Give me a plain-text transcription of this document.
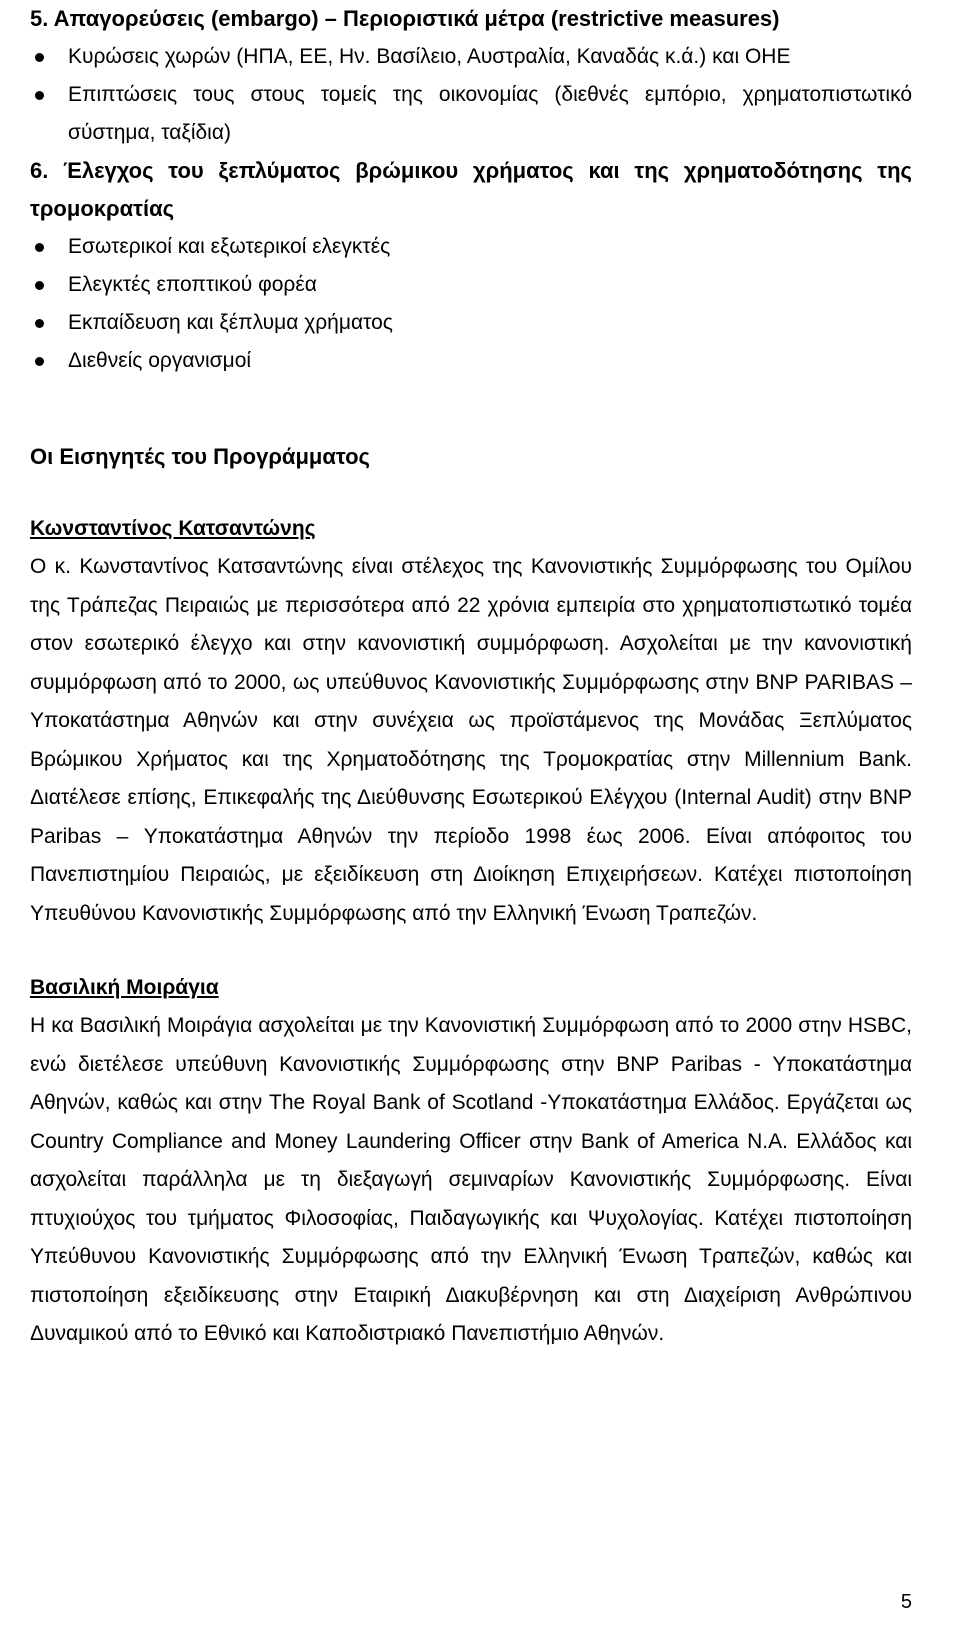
5. Απαγορεύσεις (embargo) – Περιοριστικά μέτρα (restrictive measures)
Κυρώσεις χωρών (ΗΠΑ, ΕΕ, Ην. Βασίλειο, Αυστραλία, Καναδάς κ.ά.) και ΟΗΕ
Επιπτώσεις τους στους τομείς της οικονομίας (διεθνές εμπόριο, χρηματοπιστωτικό σύστημα, ταξίδια)
6. Έλεγχος του ξεπλύματος βρώμικου χρήματος και της χρηματοδότησης της τρομοκρατίας
Εσωτερικοί και εξωτερικοί ελεγκτές
Ελεγκτές εποπτικού φορέα
Εκπαίδευση και ξέπλυμα χρήματος
Διεθνείς οργανισμοί
Οι Εισηγητές του Προγράμματος
Κωνσταντίνος Κατσαντώνης

Ο κ. Κωνσταντίνος Κατσαντώνης είναι στέλεχος της Κανονιστικής Συμμόρφωσης του Ομίλου της Τράπεζας Πειραιώς με περισσότερα από 22 χρόνια εμπειρία στο χρηματοπιστωτικό τομέα στον εσωτερικό έλεγχο και στην κανονιστική συμμόρφωση. Ασχολείται με την κανονιστική συμμόρφωση από το 2000, ως υπεύθυνος Κανονιστικής Συμμόρφωσης στην BNP PARIBAS – Υποκατάστημα Αθηνών και στην συνέχεια ως προϊστάμενος της Μονάδας Ξεπλύματος Βρώμικου Χρήματος και της Χρηματοδότησης της Τρομοκρατίας στην Millennium Bank. Διατέλεσε επίσης, Επικεφαλής της Διεύθυνσης Εσωτερικού Ελέγχου (Internal Audit) στην BNP Paribas – Υποκατάστημα Αθηνών την περίοδο 1998 έως 2006. Είναι απόφοιτος του Πανεπιστημίου Πειραιώς, με εξειδίκευση στη Διοίκηση Επιχειρήσεων. Κατέχει πιστοποίηση Υπευθύνου Κανονιστικής Συμμόρφωσης από την Ελληνική Ένωση Τραπεζών.

Βασιλική Μοιράγια

Η κα Βασιλική Μοιράγια ασχολείται με την Κανονιστική Συμμόρφωση από το 2000 στην HSBC, ενώ διετέλεσε υπεύθυνη Κανονιστικής Συμμόρφωσης στην BNP Paribas - Υποκατάστημα Αθηνών, καθώς και στην The Royal Bank of Scotland -Υποκατάστημα Ελλάδος. Εργάζεται ως Country Compliance and Money Laundering Officer στην Bank of America N.A. Ελλάδος και ασχολείται παράλληλα με τη διεξαγωγή σεμιναρίων Κανονιστικής Συμμόρφωσης. Είναι πτυχιούχος του τμήματος Φιλοσοφίας, Παιδαγωγικής και Ψυχολογίας. Κατέχει πιστοποίηση Υπεύθυνου Κανονιστικής Συμμόρφωσης από την Ελληνική Ένωση Τραπεζών, καθώς και πιστοποίηση εξειδίκευσης στην Εταιρική Διακυβέρνηση και στη Διαχείριση Ανθρώπινου Δυναμικού από το Εθνικό και Καποδιστριακό Πανεπιστήμιο Αθηνών.

5
